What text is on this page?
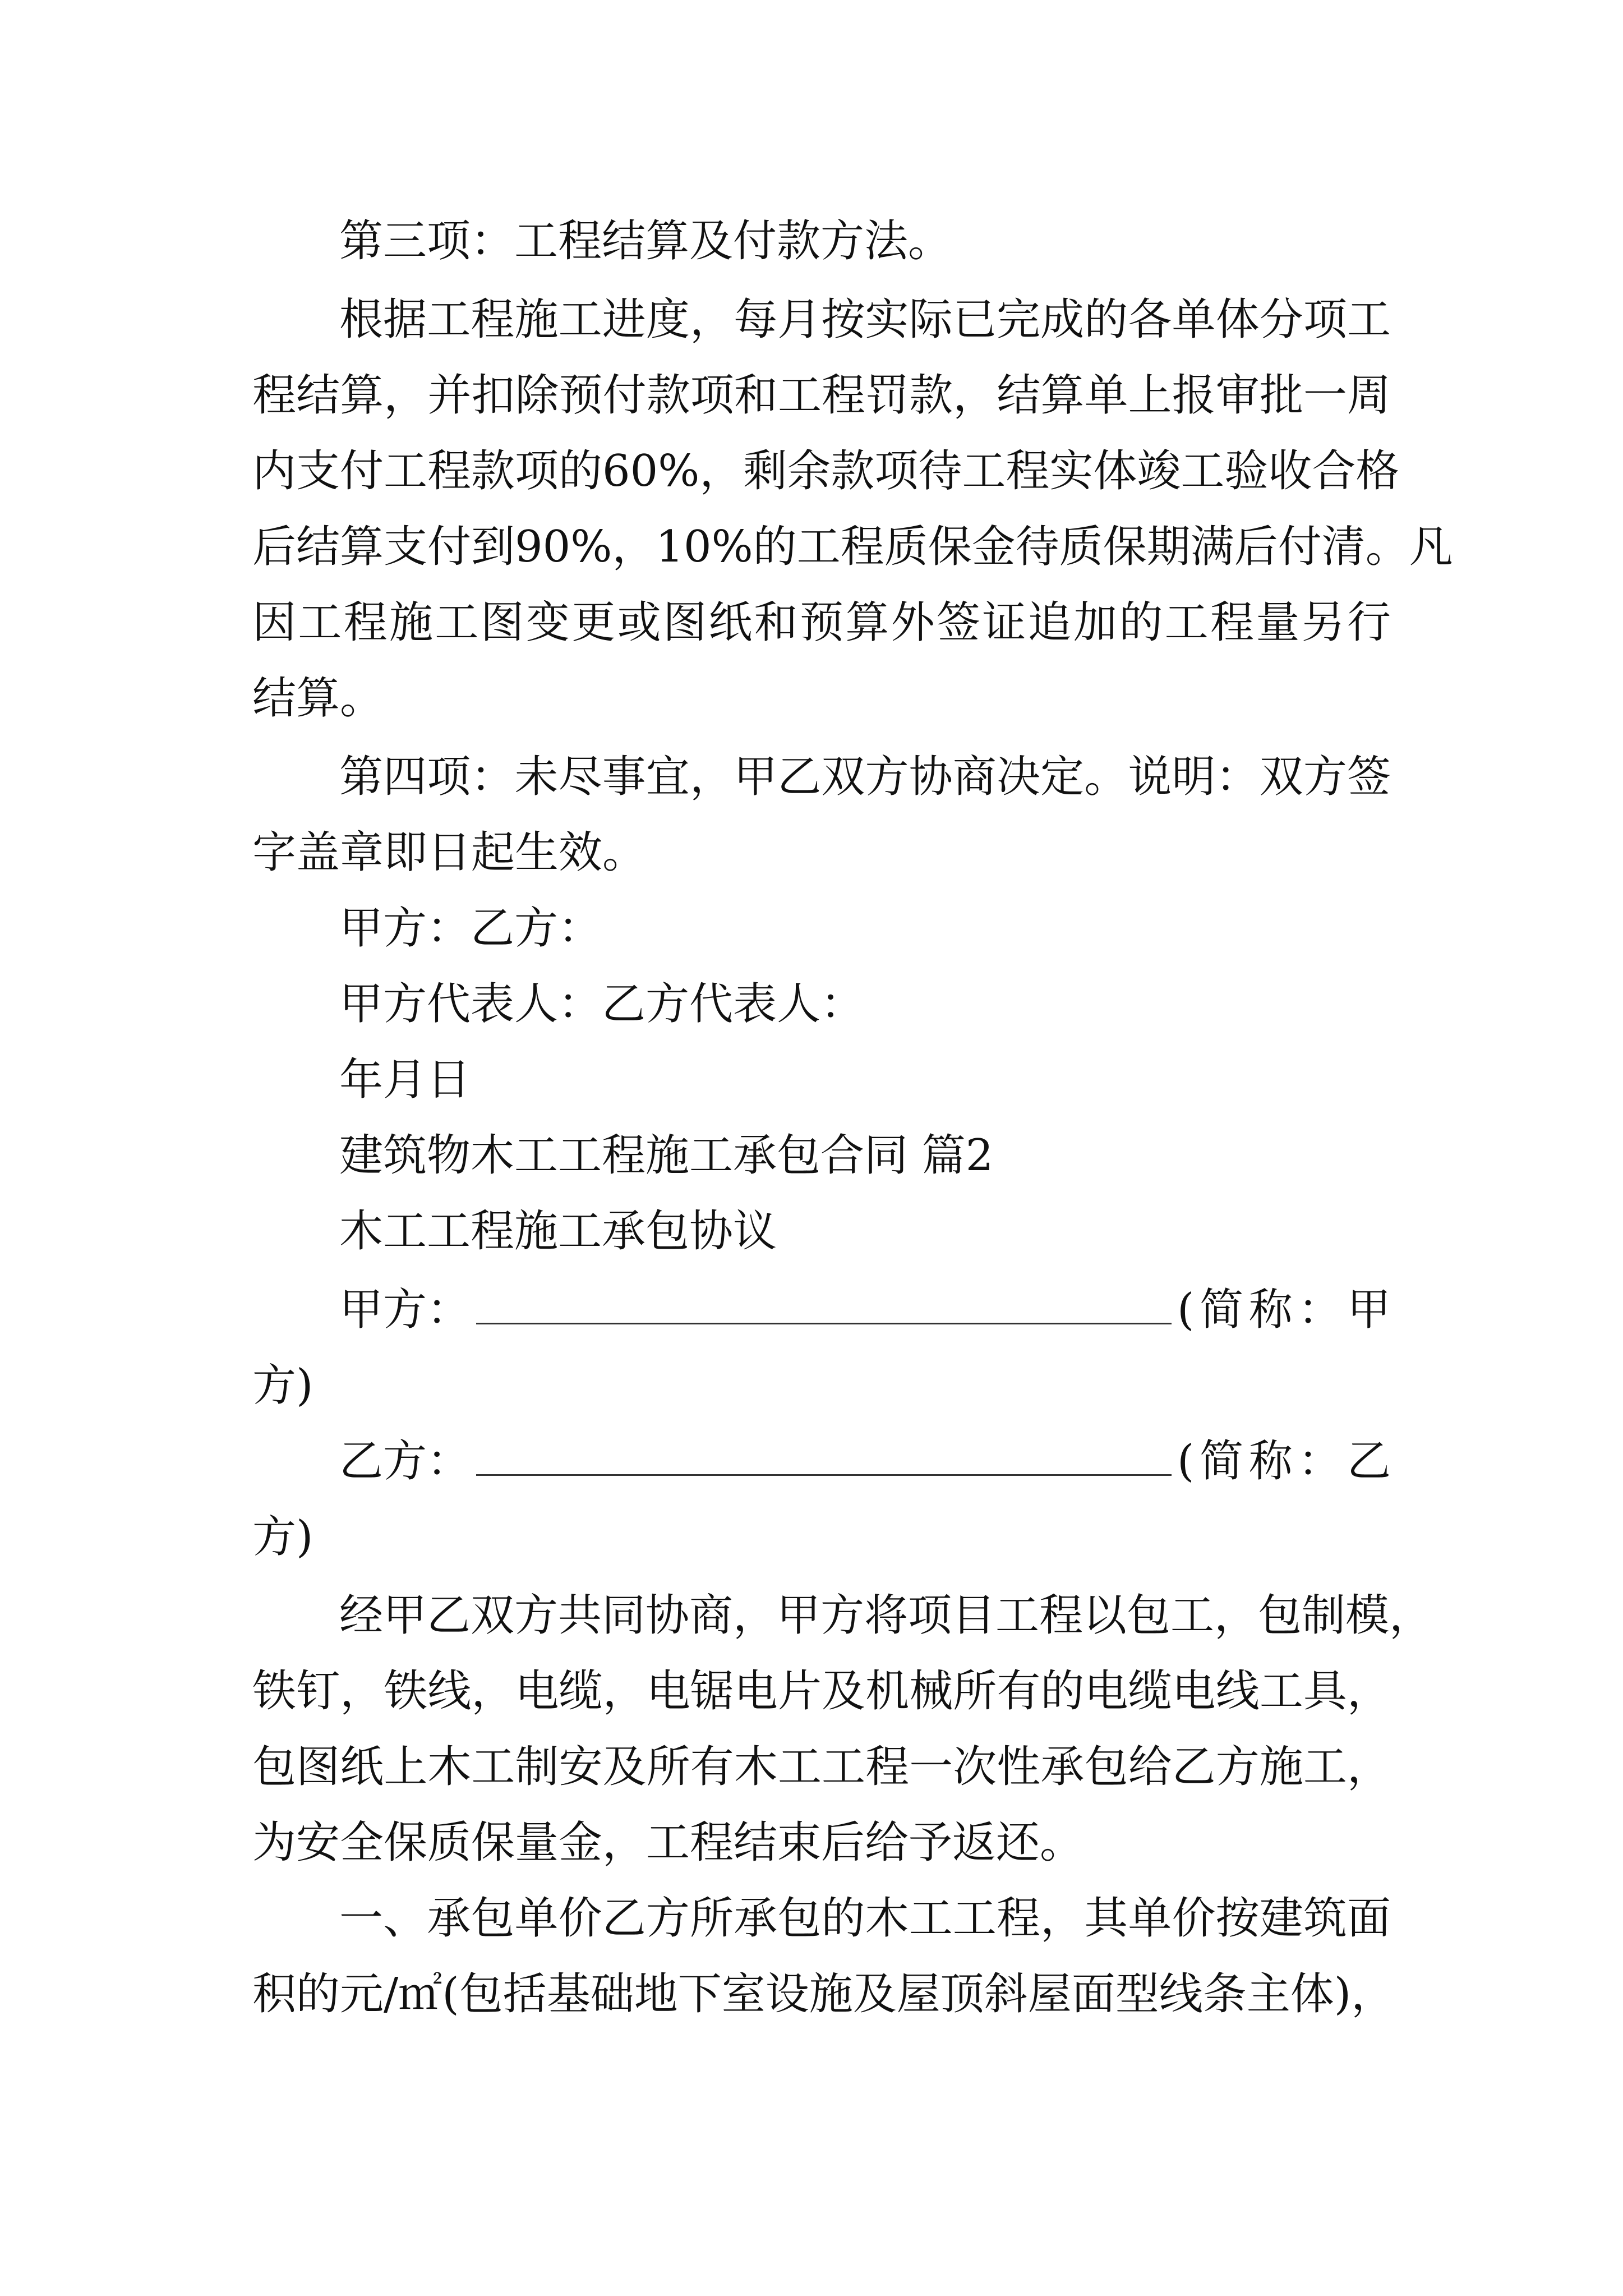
第三项：工程结算及付款方法。
根据工程施工进度，每月按实际已完成的各单体分项工
程结算，并扣除预付款项和工程罚款，结算单上报审批一周
内支付工程款项的60%，剩余款项待工程实体竣工验收合格
后结算支付到90%，10%的工程质保金待质保期满后付清。凡
因工程施工图变更或图纸和预算外签证追加的工程量另行
结算。
第四项：未尽事宜，甲乙双方协商决定。说明：双方签
字盖章即日起生效。
甲方：乙方：
甲方代表人：乙方代表人：
年月日
建筑物木工工程施工承包合同 篇2
木工工程施工承包协议
甲方：	(简称：甲
方)
乙方：	(简称：乙
方)
经甲乙双方共同协商，甲方将项目工程以包工，包制模，
铁钉，铁线，电缆，电锯电片及机械所有的电缆电线工具，
包图纸上木工制安及所有木工工程一次性承包给乙方施工，
为安全保质保量金，工程结束后给予返还。
一、承包单价乙方所承包的木工工程，其单价按建筑面
积的元/㎡(包括基础地下室设施及屋顶斜屋面型线条主体)，
